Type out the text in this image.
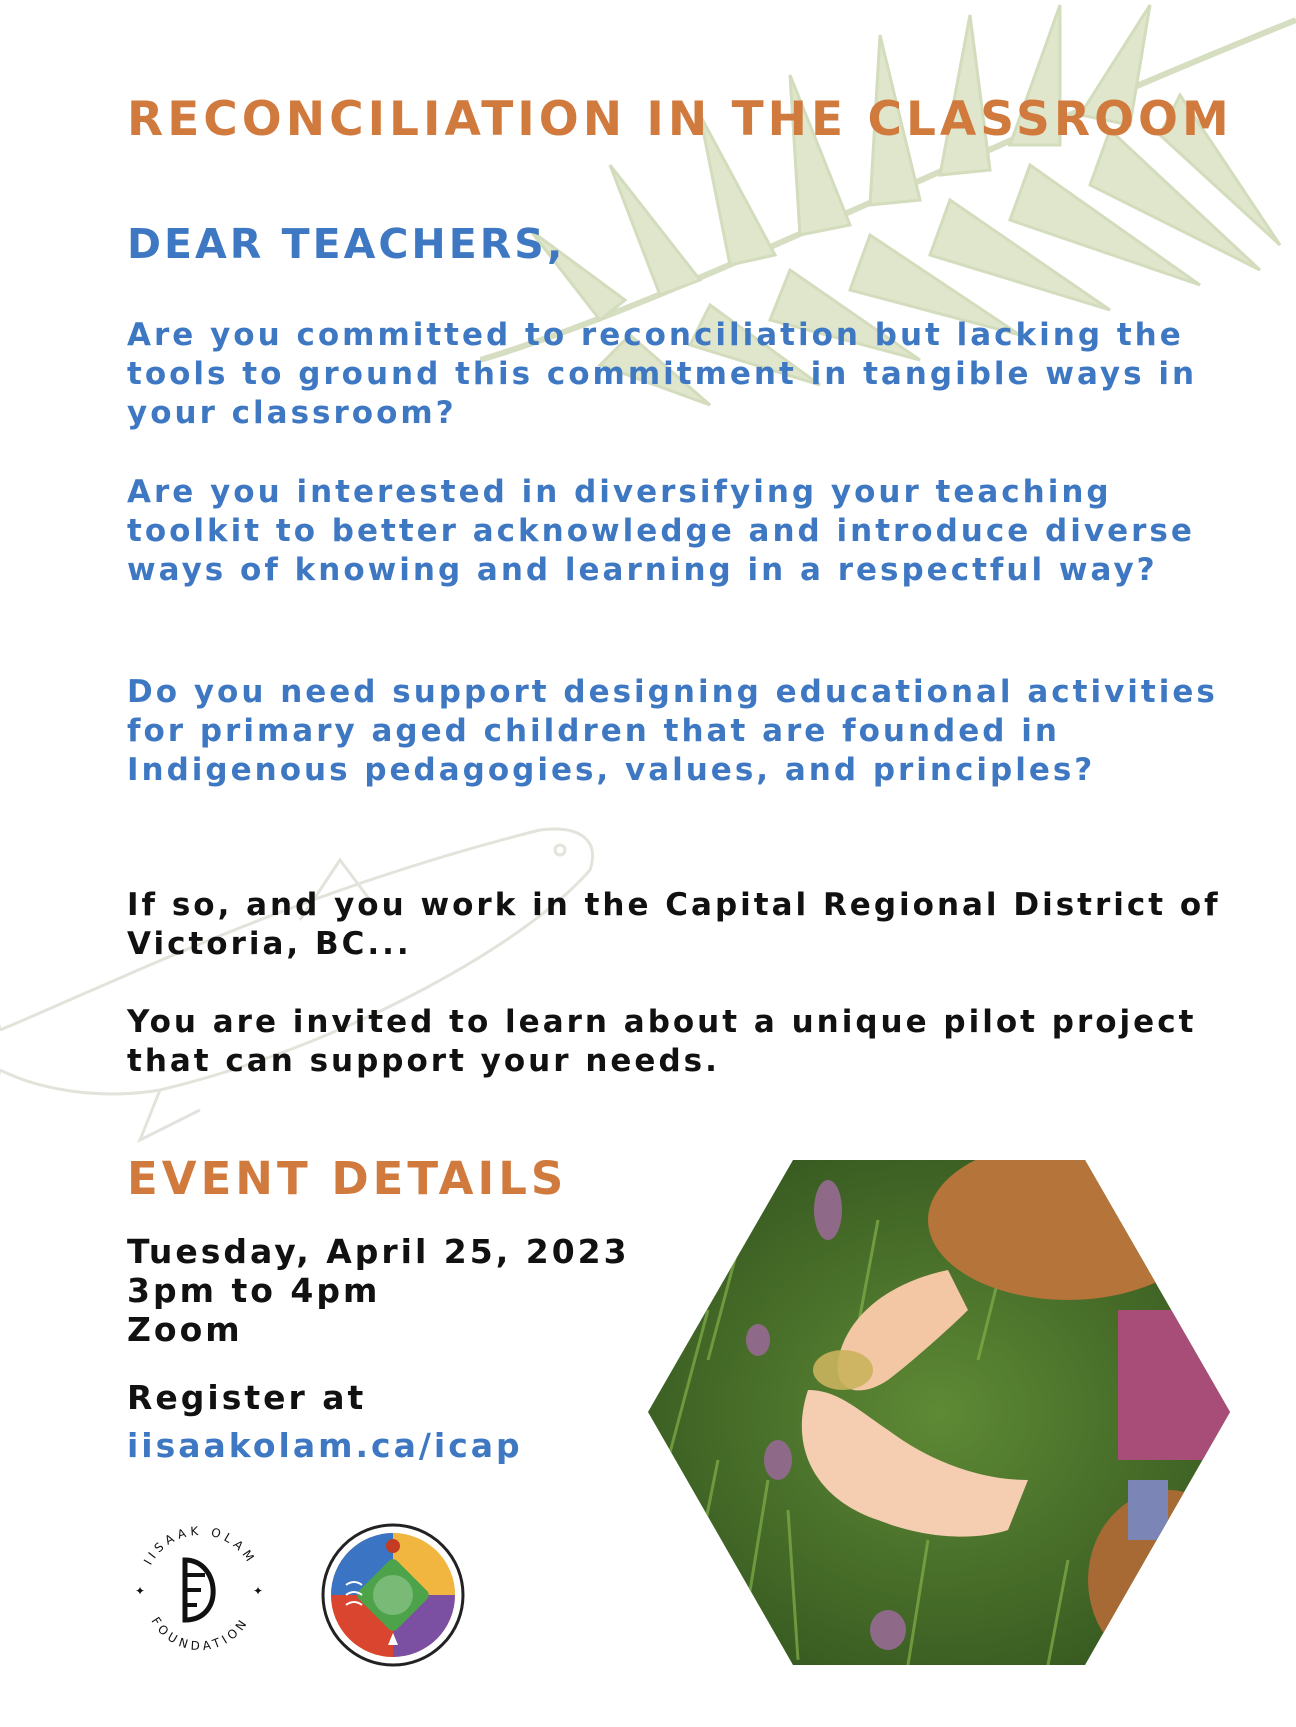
RECONCILIATION IN THE CLASSROOM
DEAR TEACHERS,
Are you committed to reconciliation but lacking the tools to ground this commitment in tangible ways in your classroom?
Are you interested in diversifying your teaching toolkit to better acknowledge and introduce diverse ways of knowing and learning in a respectful way?
Do you need support designing educational activities for primary aged children that are founded in Indigenous pedagogies, values, and principles?
If so, and you work in the Capital Regional District of Victoria, BC...
You are invited to learn about a unique pilot project that can support your needs.
EVENT DETAILS
Tuesday, April 25, 2023
3pm to 4pm
Zoom
Register at
iisaakolam.ca/icap
IISAAK OLAM
FOUNDATION
✦	✦
